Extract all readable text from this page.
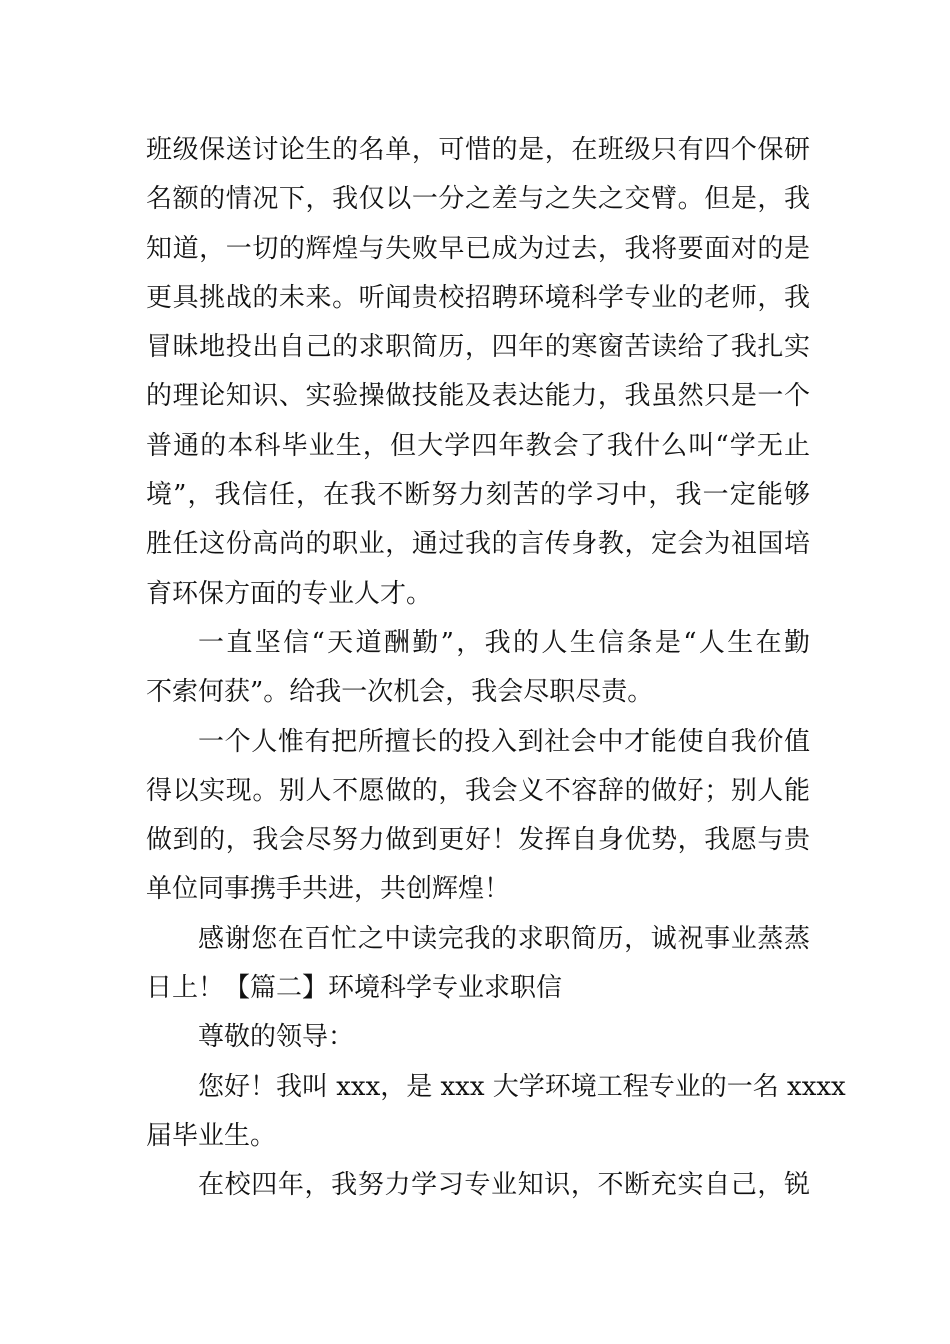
班级保送讨论生的名单，可惜的是，在班级只有四个保研
名额的情况下，我仅以一分之差与之失之交臂。但是，我
知道，一切的辉煌与失败早已成为过去，我将要面对的是
更具挑战的未来。听闻贵校招聘环境科学专业的老师，我
冒昧地投出自己的求职简历，四年的寒窗苦读给了我扎实
的理论知识、实验操做技能及表达能力，我虽然只是一个
普通的本科毕业生，但大学四年教会了我什么叫“学无止
境”，我信任，在我不断努力刻苦的学习中，我一定能够
胜任这份高尚的职业，通过我的言传身教，定会为祖国培
育环保方面的专业人才。
一直坚信“天道酬勤”，我的人生信条是“人生在勤
不索何获”。给我一次机会，我会尽职尽责。
一个人惟有把所擅长的投入到社会中才能使自我价值
得以实现。别人不愿做的，我会义不容辞的做好；别人能
做到的，我会尽努力做到更好！发挥自身优势，我愿与贵
单位同事携手共进，共创辉煌！
感谢您在百忙之中读完我的求职简历，诚祝事业蒸蒸
日上！【篇二】环境科学专业求职信
尊敬的领导：
您好！我叫 xxx，是 xxx 大学环境工程专业的一名 xxxx
届毕业生。
在校四年，我努力学习专业知识，不断充实自己，锐
